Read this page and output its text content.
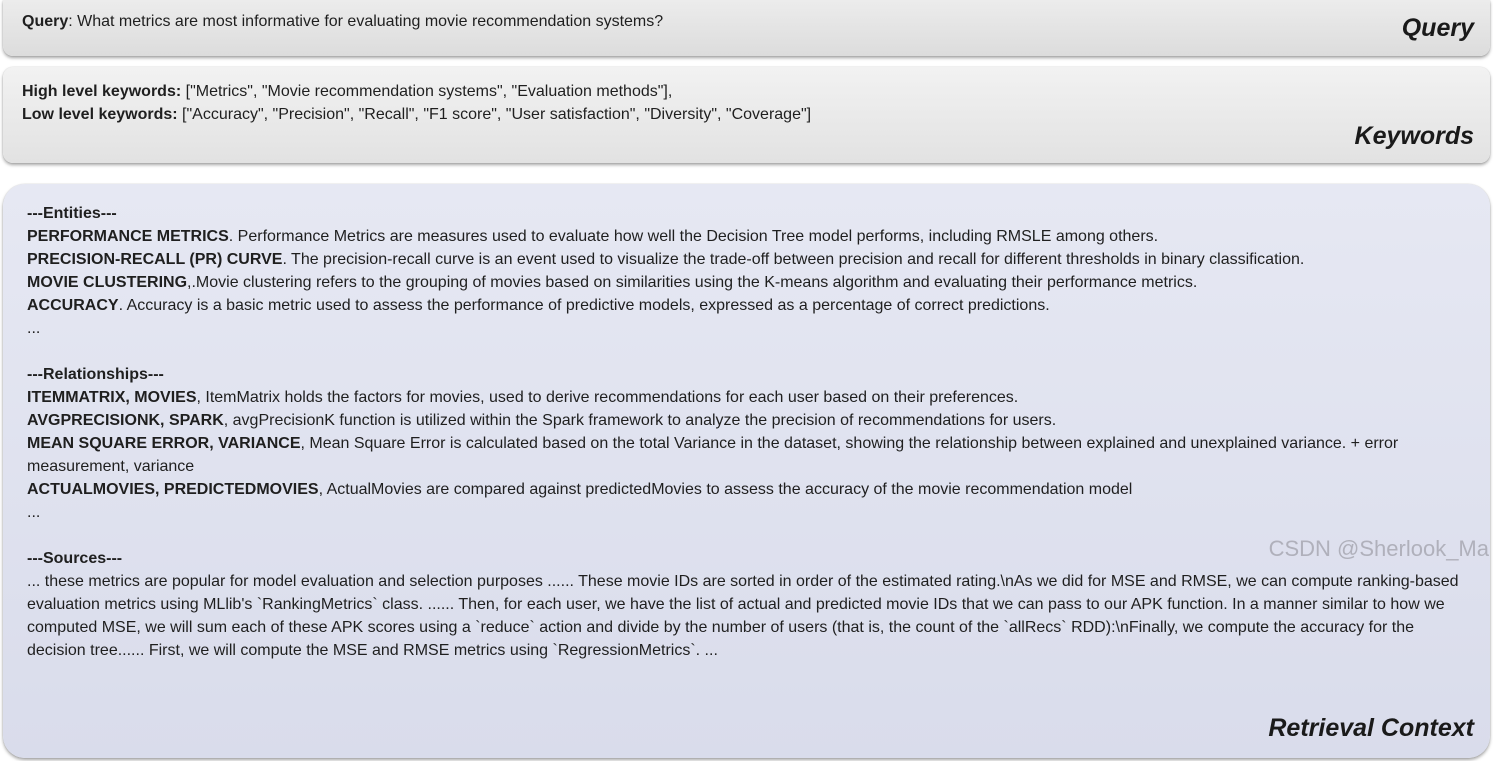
Query: What metrics are most informative for evaluating movie recommendation systems?	Query
High level keywords: ["Metrics", "Movie recommendation systems", "Evaluation methods"],
Low level keywords: ["Accuracy", "Precision", "Recall", "F1 score", "User satisfaction", "Diversity", "Coverage"]
Keywords

---Entities---

PERFORMANCE METRICS. Performance Metrics are measures used to evaluate how well the Decision Tree model performs, including RMSLE among others.

PRECISION-RECALL (PR) CURVE. The precision-recall curve is an event used to visualize the trade-off between precision and recall for different thresholds in binary classification.

MOVIE CLUSTERING,.Movie clustering refers to the grouping of movies based on similarities using the K-means algorithm and evaluating their performance metrics.

ACCURACY. Accuracy is a basic metric used to assess the performance of predictive models, expressed as a percentage of correct predictions.

...

---Relationships---

ITEMMATRIX, MOVIES, ItemMatrix holds the factors for movies, used to derive recommendations for each user based on their preferences.

AVGPRECISIONK, SPARK, avgPrecisionK function is utilized within the Spark framework to analyze the precision of recommendations for users.

MEAN SQUARE ERROR, VARIANCE, Mean Square Error is calculated based on the total Variance in the dataset, showing the relationship between explained and unexplained variance. + error measurement, variance

ACTUALMOVIES, PREDICTEDMOVIES, ActualMovies are compared against predictedMovies to assess the accuracy of the movie recommendation model

...

---Sources---

... these metrics are popular for model evaluation and selection purposes ...... These movie IDs are sorted in order of the estimated rating.\nAs we did for MSE and RMSE, we can compute ranking-based evaluation metrics using MLlib's `RankingMetrics` class. ...... Then, for each user, we have the list of actual and predicted movie IDs that we can pass to our APK function. In a manner similar to how we computed MSE, we will sum each of these APK scores using a `reduce` action and divide by the number of users (that is, the count of the `allRecs` RDD):\nFinally, we compute the accuracy for the decision tree...... First, we will compute the MSE and RMSE metrics using `RegressionMetrics`. ...

Retrieval Context
CSDN @Sherlook_Ma
